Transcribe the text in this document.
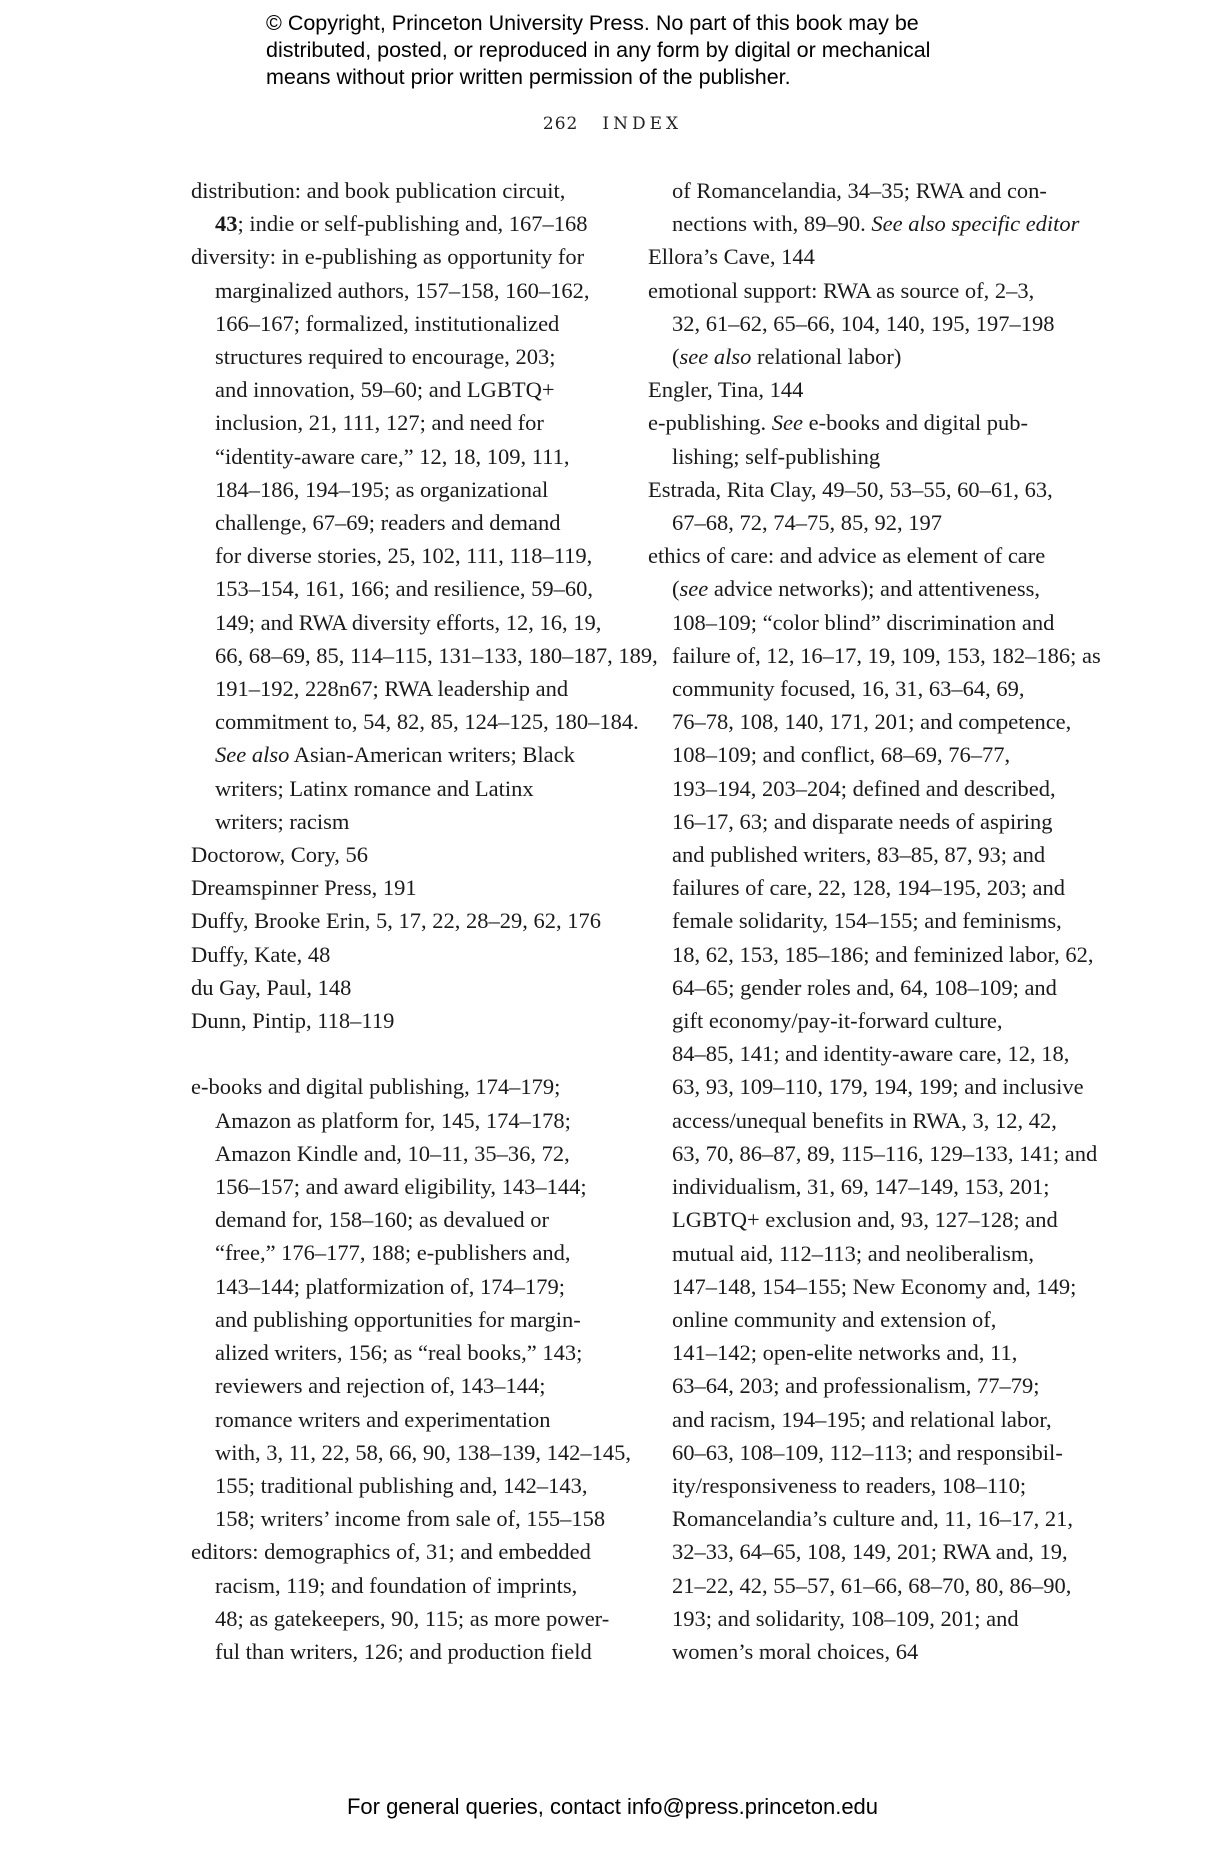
© Copyright, Princeton University Press. No part of this book may be
distributed, posted, or reproduced in any form by digital or mechanical
means without prior written permission of the publisher.
262 INDEX
distribution: and book publication circuit,
43; indie or self-publishing and, 167–168
diversity: in e-publishing as opportunity for
marginalized authors, 157–158, 160–162,
166–167; formalized, institutionalized
structures required to encourage, 203;
and innovation, 59–60; and LGBTQ+
inclusion, 21, 111, 127; and need for
“identity-aware care,” 12, 18, 109, 111,
184–186, 194–195; as organizational
challenge, 67–69; readers and demand
for diverse stories, 25, 102, 111, 118–119,
153–154, 161, 166; and resilience, 59–60,
149; and RWA diversity efforts, 12, 16, 19,
66, 68–69, 85, 114–115, 131–133, 180–187, 189,
191–192, 228n67; RWA leadership and
commitment to, 54, 82, 85, 124–125, 180–184.
See also Asian-American writers; Black
writers; Latinx romance and Latinx
writers; racism
Doctorow, Cory, 56
Dreamspinner Press, 191
Duffy, Brooke Erin, 5, 17, 22, 28–29, 62, 176
Duffy, Kate, 48
du Gay, Paul, 148
Dunn, Pintip, 118–119
e-books and digital publishing, 174–179;
Amazon as platform for, 145, 174–178;
Amazon Kindle and, 10–11, 35–36, 72,
156–157; and award eligibility, 143–144;
demand for, 158–160; as devalued or
“free,” 176–177, 188; e-publishers and,
143–144; platformization of, 174–179;
and publishing opportunities for margin-
alized writers, 156; as “real books,” 143;
reviewers and rejection of, 143–144;
romance writers and experimentation
with, 3, 11, 22, 58, 66, 90, 138–139, 142–145,
155; traditional publishing and, 142–143,
158; writers’ income from sale of, 155–158
editors: demographics of, 31; and embedded
racism, 119; and foundation of imprints,
48; as gatekeepers, 90, 115; as more power-
ful than writers, 126; and production field
of Romancelandia, 34–35; RWA and con-
nections with, 89–90. See also specific editor
Ellora’s Cave, 144
emotional support: RWA as source of, 2–3,
32, 61–62, 65–66, 104, 140, 195, 197–198
(see also relational labor)
Engler, Tina, 144
e-publishing. See e-books and digital pub-
lishing; self-publishing
Estrada, Rita Clay, 49–50, 53–55, 60–61, 63,
67–68, 72, 74–75, 85, 92, 197
ethics of care: and advice as element of care
(see advice networks); and attentiveness,
108–109; “color blind” discrimination and
failure of, 12, 16–17, 19, 109, 153, 182–186; as
community focused, 16, 31, 63–64, 69,
76–78, 108, 140, 171, 201; and competence,
108–109; and conflict, 68–69, 76–77,
193–194, 203–204; defined and described,
16–17, 63; and disparate needs of aspiring
and published writers, 83–85, 87, 93; and
failures of care, 22, 128, 194–195, 203; and
female solidarity, 154–155; and feminisms,
18, 62, 153, 185–186; and feminized labor, 62,
64–65; gender roles and, 64, 108–109; and
gift economy/pay-it-forward culture,
84–85, 141; and identity-aware care, 12, 18,
63, 93, 109–110, 179, 194, 199; and inclusive
access/unequal benefits in RWA, 3, 12, 42,
63, 70, 86–87, 89, 115–116, 129–133, 141; and
individualism, 31, 69, 147–149, 153, 201;
LGBTQ+ exclusion and, 93, 127–128; and
mutual aid, 112–113; and neoliberalism,
147–148, 154–155; New Economy and, 149;
online community and extension of,
141–142; open-elite networks and, 11,
63–64, 203; and professionalism, 77–79;
and racism, 194–195; and relational labor,
60–63, 108–109, 112–113; and responsibil-
ity/responsiveness to readers, 108–110;
Romancelandia’s culture and, 11, 16–17, 21,
32–33, 64–65, 108, 149, 201; RWA and, 19,
21–22, 42, 55–57, 61–66, 68–70, 80, 86–90,
193; and solidarity, 108–109, 201; and
women’s moral choices, 64
For general queries, contact info@press.princeton.edu
